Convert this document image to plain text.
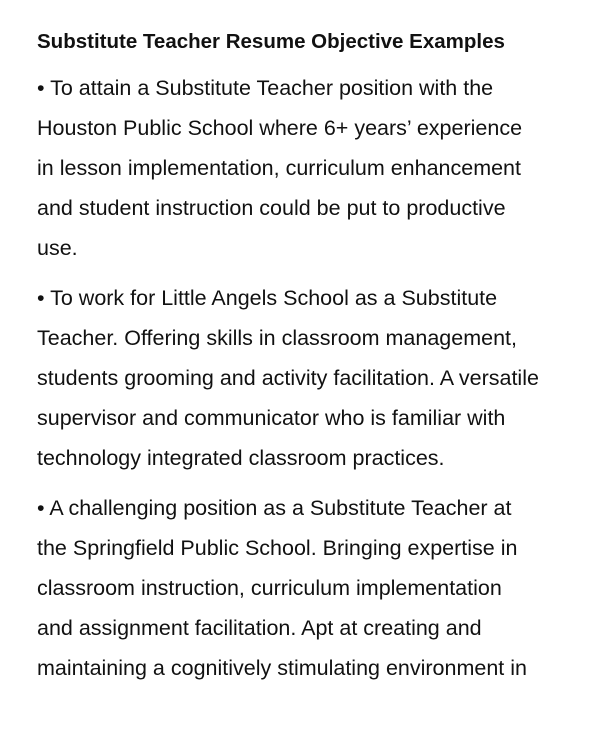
Substitute Teacher Resume Objective Examples
• To attain a Substitute Teacher position with the
Houston Public School where 6+ years’ experience
in lesson implementation, curriculum enhancement
and student instruction could be put to productive
use.
• To work for Little Angels School as a Substitute
Teacher. Offering skills in classroom management,
students grooming and activity facilitation. A versatile
supervisor and communicator who is familiar with
technology integrated classroom practices.
• A challenging position as a Substitute Teacher at
the Springfield Public School. Bringing expertise in
classroom instruction, curriculum implementation
and assignment facilitation. Apt at creating and
maintaining a cognitively stimulating environment in
